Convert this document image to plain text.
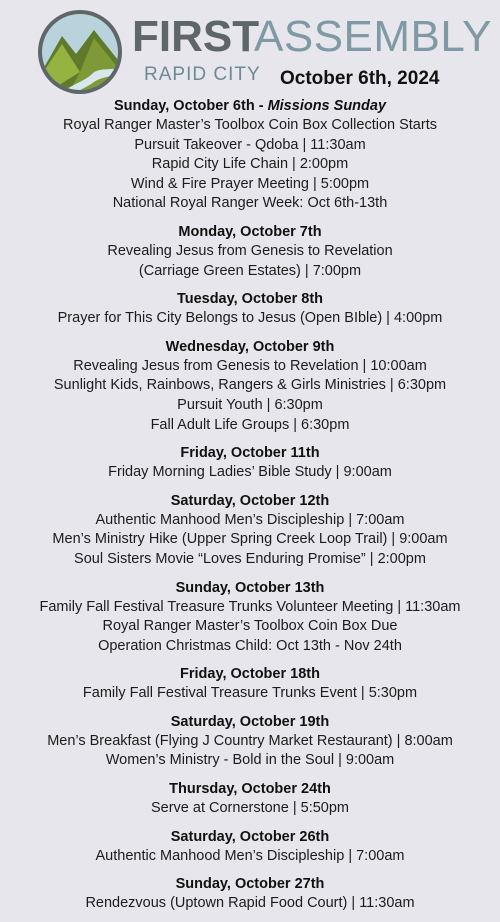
FIRST
ASSEMBLY
RAPID CITY October 6th, 2024
Sunday, October 6th - Missions Sunday
Royal Ranger Master’s Toolbox Coin Box Collection Starts
Pursuit Takeover - Qdoba | 11:30am
Rapid City Life Chain | 2:00pm
Wind & Fire Prayer Meeting | 5:00pm
National Royal Ranger Week: Oct 6th-13th
Monday, October 7th
Revealing Jesus from Genesis to Revelation
(Carriage Green Estates) | 7:00pm
Tuesday, October 8th
Prayer for This City Belongs to Jesus (Open BIble) | 4:00pm
Wednesday, October 9th
Revealing Jesus from Genesis to Revelation | 10:00am
Sunlight Kids, Rainbows, Rangers & Girls Ministries | 6:30pm
Pursuit Youth | 6:30pm
Fall Adult Life Groups | 6:30pm
Friday, October 11th
Friday Morning Ladies’ Bible Study | 9:00am
Saturday, October 12th
Authentic Manhood Men’s Discipleship | 7:00am
Men’s Ministry Hike (Upper Spring Creek Loop Trail) | 9:00am
Soul Sisters Movie “Loves Enduring Promise” | 2:00pm
Sunday, October 13th
Family Fall Festival Treasure Trunks Volunteer Meeting | 11:30am
Royal Ranger Master’s Toolbox Coin Box Due
Operation Christmas Child: Oct 13th - Nov 24th
Friday, October 18th
Family Fall Festival Treasure Trunks Event | 5:30pm
Saturday, October 19th
Men’s Breakfast (Flying J Country Market Restaurant) | 8:00am
Women’s Ministry - Bold in the Soul | 9:00am
Thursday, October 24th
Serve at Cornerstone | 5:50pm
Saturday, October 26th
Authentic Manhood Men’s Discipleship | 7:00am
Sunday, October 27th
Rendezvous (Uptown Rapid Food Court) | 11:30am
